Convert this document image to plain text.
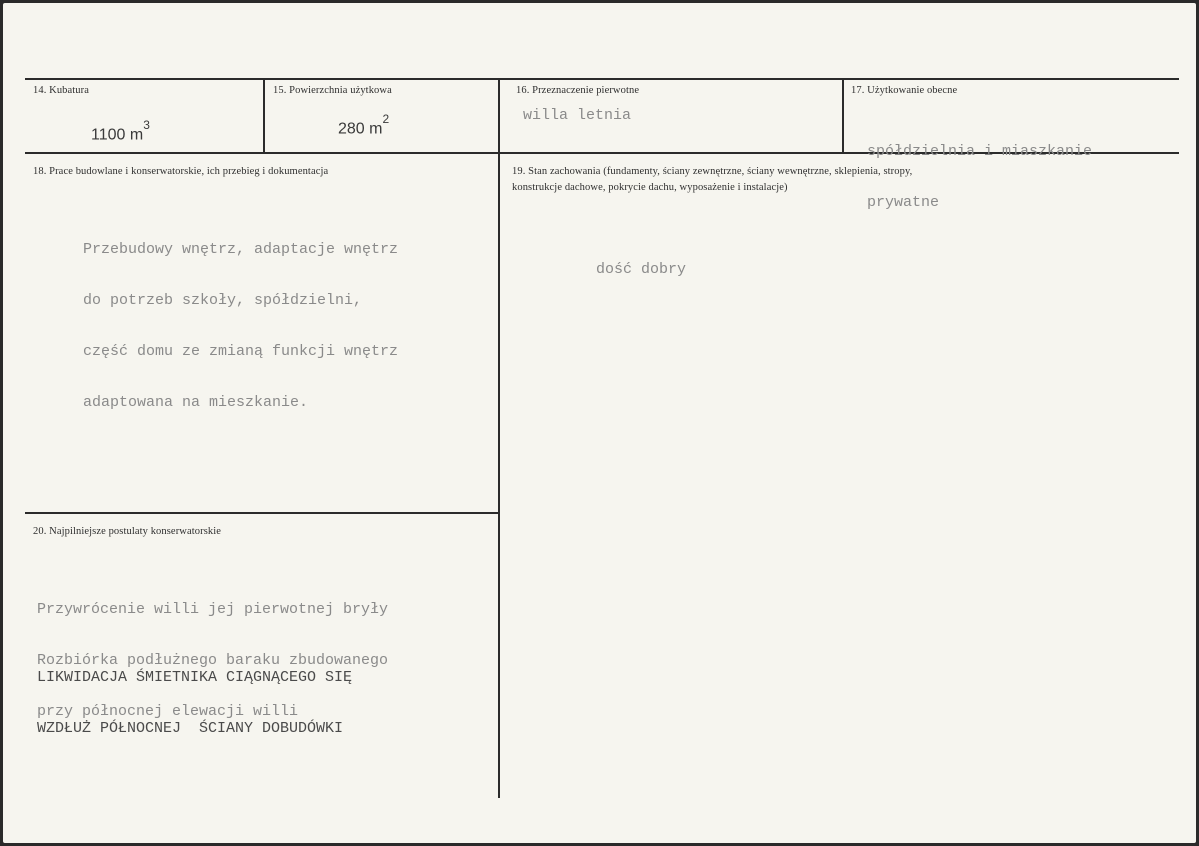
14. Kubatura
1100 $m^3$
15. Powierzchnia użytkowa
280 $m^2$
16. Przeznaczenie pierwotne
willa letnia
17. Użytkowanie obecne

spółdzielnia i miaszkanie

prywatne

18. Prace budowlane i konserwatorskie, ich przebieg i dokumentacja

Przebudowy wnętrz, adaptacje wnętrz

do potrzeb szkoły, spółdzielni,

część domu ze zmianą funkcji wnętrz

adaptowana na mieszkanie.

19. Stan zachowania (fundamenty, ściany zewnętrzne, ściany wewnętrzne, sklepienia, stropy,
konstrukcje dachowe, pokrycie dachu, wyposażenie i instalacje)
dość dobry
20. Najpilniejsze postulaty konserwatorskie

Przywrócenie willi jej pierwotnej bryły

Rozbiórka podłużnego baraku zbudowanego

przy północnej elewacji willi

LIKWIDACJA ŚMIETNIKA CIĄGNĄCEGO SIĘ

WZDŁUŻ PÓŁNOCNEJ  ŚCIANY DOBUDÓWKI
